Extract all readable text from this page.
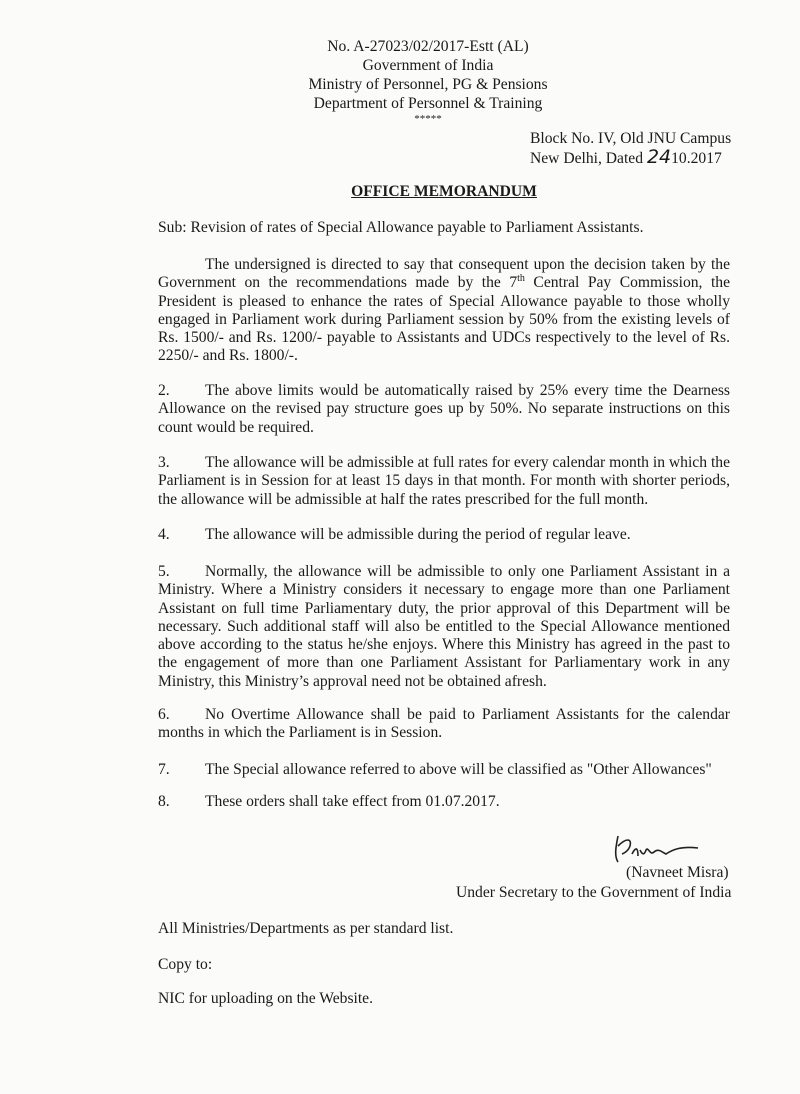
No. A-27023/02/2017-Estt (AL)
Government of India
Ministry of Personnel, PG & Pensions
Department of Personnel & Training
*****
Block No. IV, Old JNU Campus
New Delhi, Dated 2410.2017
OFFICE MEMORANDUM
Sub: Revision of rates of Special Allowance payable to Parliament Assistants.
The undersigned is directed to say that consequent upon the decision taken by the Government on the recommendations made by the 7th Central Pay Commission, the President is pleased to enhance the rates of Special Allowance payable to those wholly engaged in Parliament work during Parliament session by 50% from the existing levels of Rs. 1500/- and Rs. 1200/- payable to Assistants and UDCs respectively to the level of Rs. 2250/- and Rs. 1800/-.
2. The above limits would be automatically raised by 25% every time the Dearness Allowance on the revised pay structure goes up by 50%. No separate instructions on this count would be required.
3. The allowance will be admissible at full rates for every calendar month in which the Parliament is in Session for at least 15 days in that month. For month with shorter periods, the allowance will be admissible at half the rates prescribed for the full month.
4. The allowance will be admissible during the period of regular leave.
5. Normally, the allowance will be admissible to only one Parliament Assistant in a Ministry. Where a Ministry considers it necessary to engage more than one Parliament Assistant on full time Parliamentary duty, the prior approval of this Department will be necessary. Such additional staff will also be entitled to the Special Allowance mentioned above according to the status he/she enjoys. Where this Ministry has agreed in the past to the engagement of more than one Parliament Assistant for Parliamentary work in any Ministry, this Ministry’s approval need not be obtained afresh.
6. No Overtime Allowance shall be paid to Parliament Assistants for the calendar months in which the Parliament is in Session.
7. The Special allowance referred to above will be classified as "Other Allowances"
8. These orders shall take effect from 01.07.2017.
(Navneet Misra)
Under Secretary to the Government of India
All Ministries/Departments as per standard list.
Copy to:
NIC for uploading on the Website.
